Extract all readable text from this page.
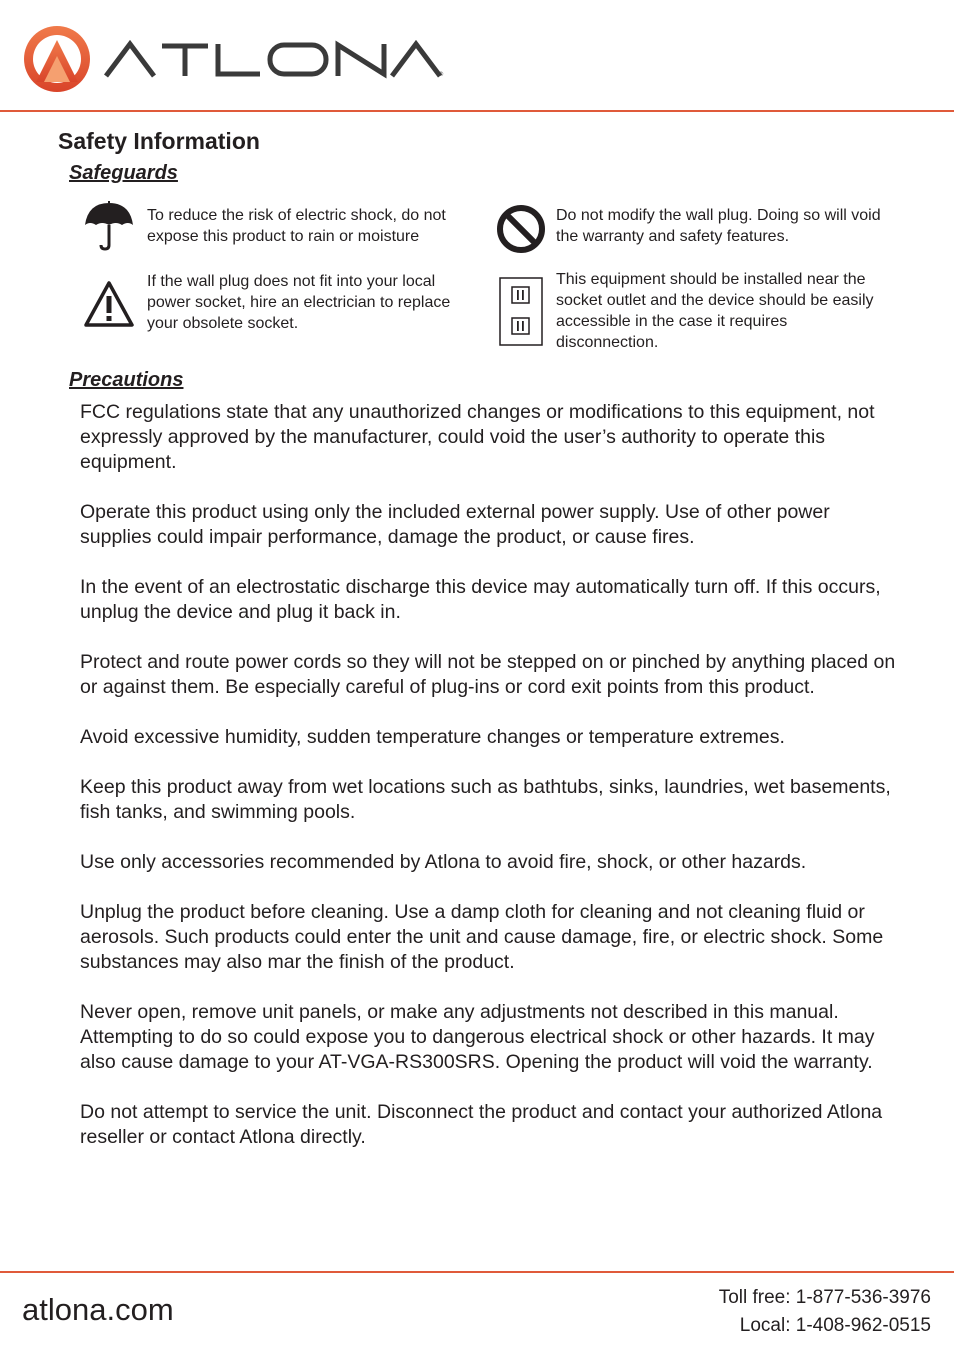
®
Safety Information
Safeguards

To reduce the risk of electric shock, do not expose this product to rain or moisture

Do not modify the wall plug. Doing so will void the warranty and safety features.

If the wall plug does not fit into your local power socket, hire an electrician to replace your obsolete socket.

This equipment should be installed near the socket outlet and the device should be easily accessible in the case it requires disconnection.

Precautions

FCC regulations state that any unauthorized changes or modifications to this equipment, not expressly approved by the manufacturer, could void the user’s authority to operate this equipment.

Operate this product using only the included external power supply. Use of other power supplies could impair performance, damage the product, or cause fires.

In the event of an electrostatic discharge this device may automatically turn off. If this occurs, unplug the device and plug it back in.

Protect and route power cords so they will not be stepped on or pinched by anything placed on or against them. Be especially careful of plug-ins or cord exit points from this product.

Avoid excessive humidity, sudden temperature changes or temperature extremes.

Keep this product away from wet locations such as bathtubs, sinks, laundries, wet basements, fish tanks, and swimming pools.

Use only accessories recommended by Atlona to avoid fire, shock, or other hazards.

Unplug the product before cleaning. Use a damp cloth for cleaning and not cleaning fluid or aerosols. Such products could enter the unit and cause damage, fire, or electric shock. Some substances may also mar the finish of the product.

Never open, remove unit panels, or make any adjustments not described in this manual. Attempting to do so could expose you to dangerous electrical shock or other hazards. It may also cause damage to your AT-VGA-RS300SRS. Opening the product will void the warranty.

Do not attempt to service the unit. Disconnect the product and contact your authorized Atlona reseller or contact Atlona directly.

atlona.com	Toll free: 1-877-536-3976
Local: 1-408-962-0515
